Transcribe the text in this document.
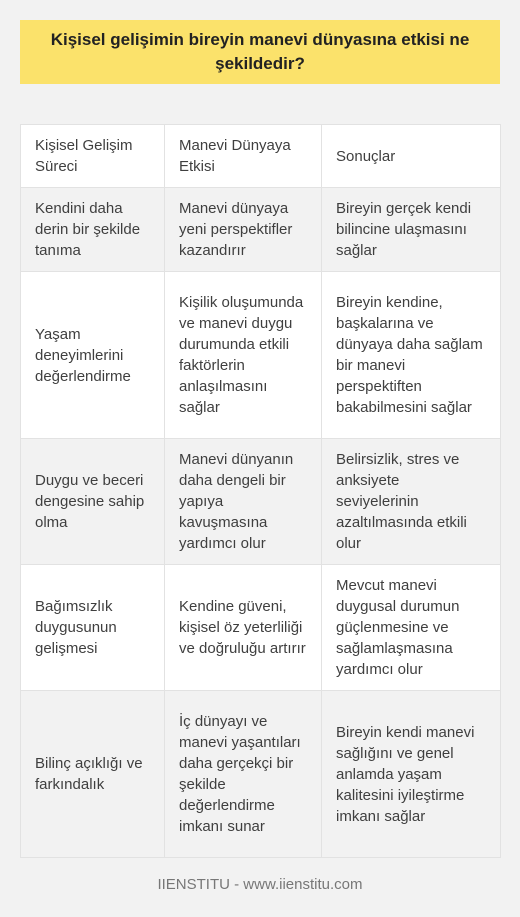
Kişisel gelişimin bireyin manevi dünyasına etkisi ne şekildedir?
Kişisel Gelişim Süreci	Manevi Dünyaya Etkisi	Sonuçlar
Kendini daha derin bir şekilde tanıma	Manevi dünyaya yeni perspektifler kazandırır	Bireyin gerçek kendi bilincine ulaşmasını sağlar
Yaşam deneyimlerini değerlendirme	Kişilik oluşumunda ve manevi duygu durumunda etkili faktörlerin anlaşılmasını sağlar	Bireyin kendine, başkalarına ve dünyaya daha sağlam bir manevi perspektiften bakabilmesini sağlar
Duygu ve beceri dengesine sahip olma	Manevi dünyanın daha dengeli bir yapıya kavuşmasına yardımcı olur	Belirsizlik, stres ve anksiyete seviyelerinin azaltılmasında etkili olur
Bağımsızlık duygusunun gelişmesi	Kendine güveni, kişisel öz yeterliliği ve doğruluğu artırır	Mevcut manevi duygusal durumun güçlenmesine ve sağlamlaşmasına yardımcı olur
Bilinç açıklığı ve farkındalık	İç dünyayı ve manevi yaşantıları daha gerçekçi bir şekilde değerlendirme imkanı sunar	Bireyin kendi manevi sağlığını ve genel anlamda yaşam kalitesini iyileştirme imkanı sağlar
IIENSTITU - www.iienstitu.com
